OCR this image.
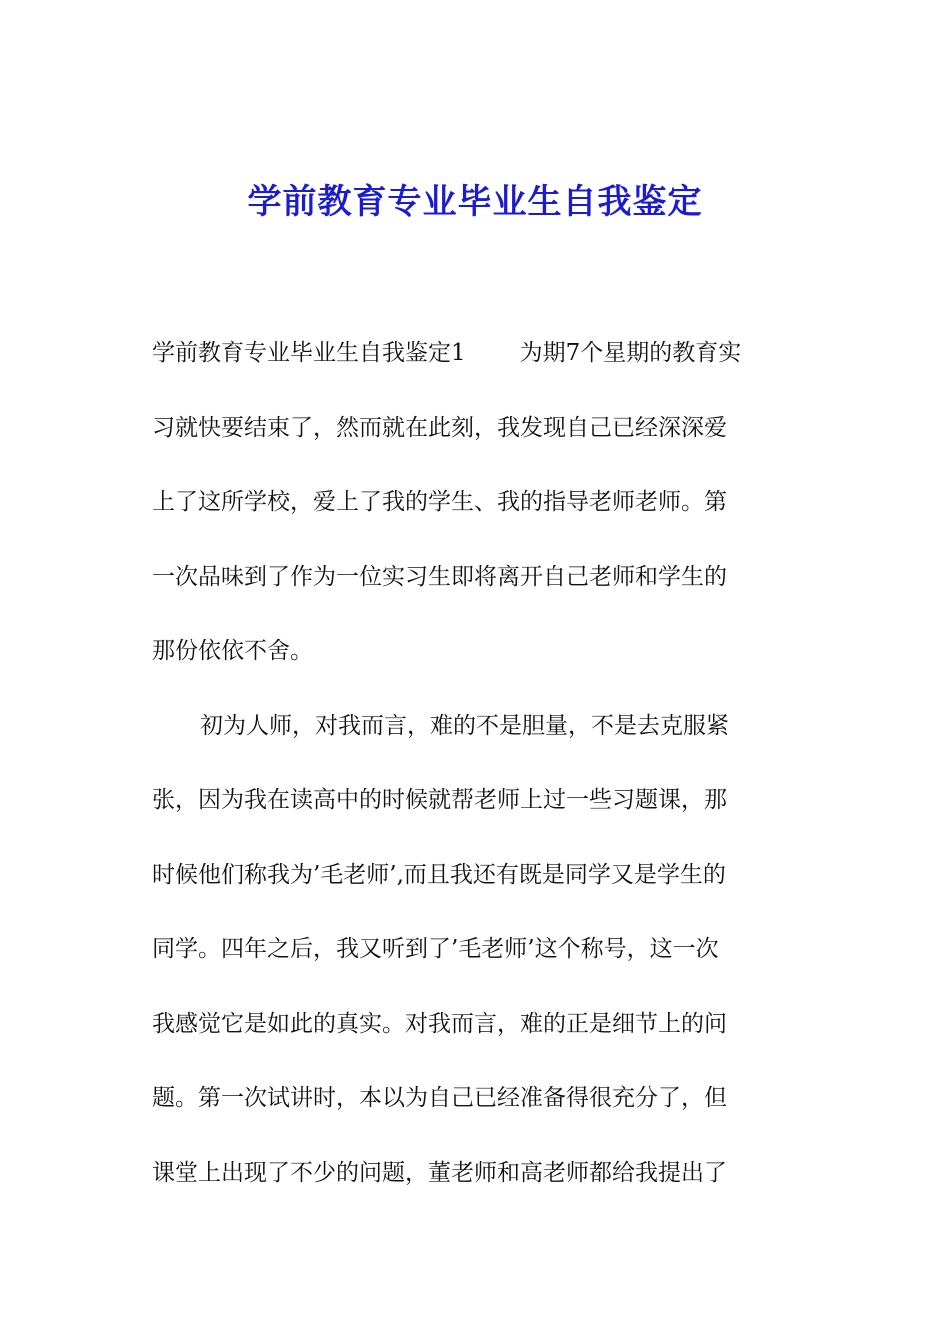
学前教育专业毕业生自我鉴定
学前教育专业毕业生自我鉴定1 为期7个星期的教育实
习就快要结束了，然而就在此刻，我发现自己已经深深爱
上了这所学校，爱上了我的学生、我的指导老师老师。第
一次品味到了作为一位实习生即将离开自己老师和学生的
那份依依不舍。
初为人师，对我而言，难的不是胆量，不是去克服紧
张，因为我在读高中的时候就帮老师上过一些习题课，那
时候他们称我为’毛老师’,而且我还有既是同学又是学生的
同学。四年之后，我又听到了’毛老师’这个称号，这一次
我感觉它是如此的真实。对我而言，难的正是细节上的问
题。第一次试讲时，本以为自己已经准备得很充分了，但
课堂上出现了不少的问题，董老师和高老师都给我提出了
